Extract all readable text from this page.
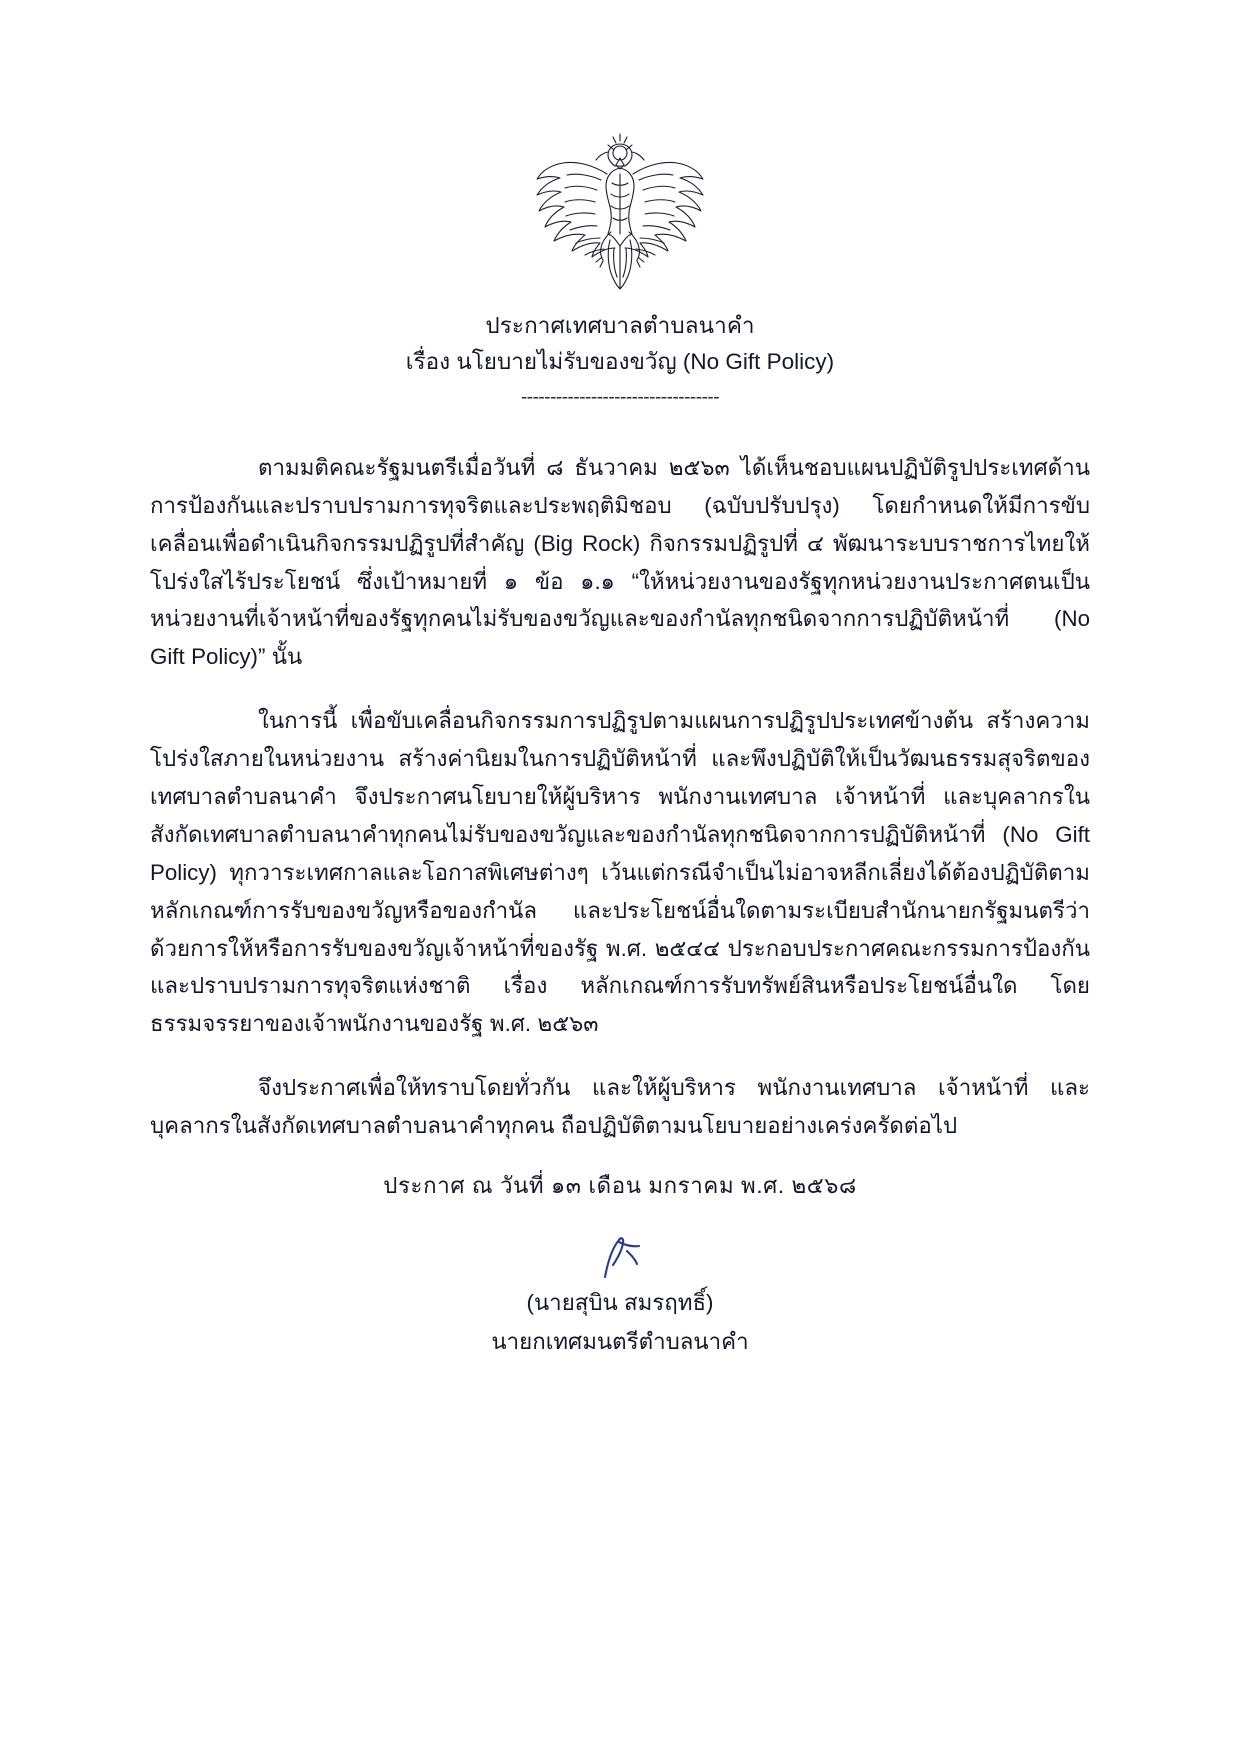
ประกาศเทศบาลตำบลนาคำ
เรื่อง นโยบายไม่รับของขวัญ (No Gift Policy)
----------------------------------

ตามมติคณะรัฐมนตรีเมื่อวันที่ ๘ ธันวาคม ๒๕๖๓ ได้เห็นชอบแผนปฏิบัติรูปประเทศด้านการป้องกันและปราบปรามการทุจริตและประพฤติมิชอบ (ฉบับปรับปรุง) โดยกำหนดให้มีการขับเคลื่อนเพื่อดำเนินกิจกรรมปฏิรูปที่สำคัญ (Big Rock) กิจกรรมปฏิรูปที่ ๔ พัฒนาระบบราชการไทยให้โปร่งใสไร้ประโยชน์ ซึ่งเป้าหมายที่ ๑ ข้อ ๑.๑ “ให้หน่วยงานของรัฐทุกหน่วยงานประกาศตนเป็นหน่วยงานที่เจ้าหน้าที่ของรัฐทุกคนไม่รับของขวัญและของกำนัลทุกชนิดจากการปฏิบัติหน้าที่ (No Gift Policy)” นั้น

ในการนี้ เพื่อขับเคลื่อนกิจกรรมการปฏิรูปตามแผนการปฏิรูปประเทศข้างต้น สร้างความโปร่งใสภายในหน่วยงาน สร้างค่านิยมในการปฏิบัติหน้าที่ และพึงปฏิบัติให้เป็นวัฒนธรรมสุจริตของเทศบาลตำบลนาคำ จึงประกาศนโยบายให้ผู้บริหาร พนักงานเทศบาล เจ้าหน้าที่ และบุคลากรในสังกัดเทศบาลตำบลนาคำทุกคนไม่รับของขวัญและของกำนัลทุกชนิดจากการปฏิบัติหน้าที่ (No Gift Policy) ทุกวาระเทศกาลและโอกาสพิเศษต่างๆ เว้นแต่กรณีจำเป็นไม่อาจหลีกเลี่ยงได้ต้องปฏิบัติตามหลักเกณฑ์การรับของขวัญหรือของกำนัล และประโยชน์อื่นใดตามระเบียบสำนักนายกรัฐมนตรีว่าด้วยการให้หรือการรับของขวัญเจ้าหน้าที่ของรัฐ พ.ศ. ๒๕๔๔ ประกอบประกาศคณะกรรมการป้องกันและปราบปรามการทุจริตแห่งชาติ เรื่อง หลักเกณฑ์การรับทรัพย์สินหรือประโยชน์อื่นใด โดยธรรมจรรยาของเจ้าพนักงานของรัฐ พ.ศ. ๒๕๖๓

จึงประกาศเพื่อให้ทราบโดยทั่วกัน และให้ผู้บริหาร พนักงานเทศบาล เจ้าหน้าที่ และบุคลากรในสังกัดเทศบาลตำบลนาคำทุกคน ถือปฏิบัติตามนโยบายอย่างเคร่งครัดต่อไป

ประกาศ ณ วันที่ ๑๓ เดือน มกราคม พ.ศ. ๒๕๖๘

(นายสุบิน สมรฤทธิ์)
นายกเทศมนตรีตำบลนาคำ
